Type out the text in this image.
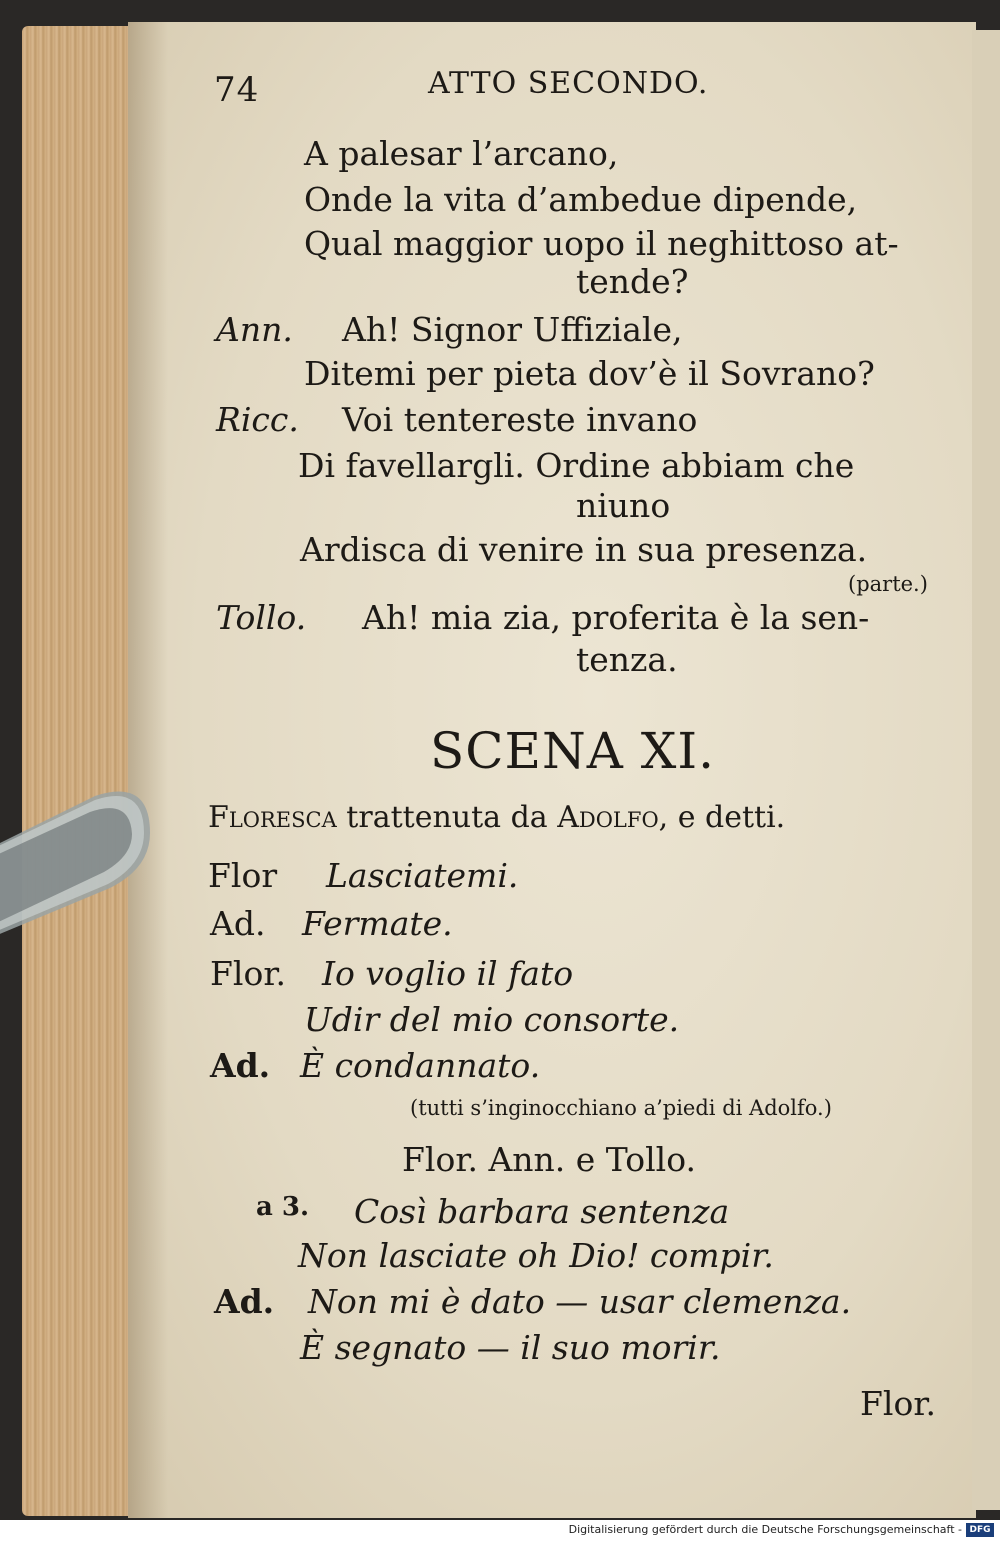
74	ATTO SECONDO.
A palesar l’arcano,
Onde la vita d’ambedue dipende,
Qual maggior uopo il neghittoso at-
tende?
Ann. Ah! Signor Uffiziale,
Ditemi per pieta dov’è il Sovrano?
Ricc. Voi tentereste invano
Di favellargli. Ordine abbiam che
niuno
Ardisca di venire in sua presenza.
(parte.)
Tollo. Ah! mia zia, proferita è la sen-
tenza.
SCENA XI.
Floresca trattenuta da Adolfo, e detti.
Flor Lasciatemi.
Ad. Fermate.
Flor. Io voglio il fato
Udir del mio consorte.
Ad. È condannato.
(tutti s’inginocchiano a’piedi di Adolfo.)
Flor. Ann. e Tollo.
a 3. Così barbara sentenza
Non lasciate oh Dio! compir.
Ad. Non mi è dato — usar clemenza.
È segnato — il suo morir.
Flor.
Digitalisierung gefördert durch die Deutsche Forschungsgemeinschaft - DFG
